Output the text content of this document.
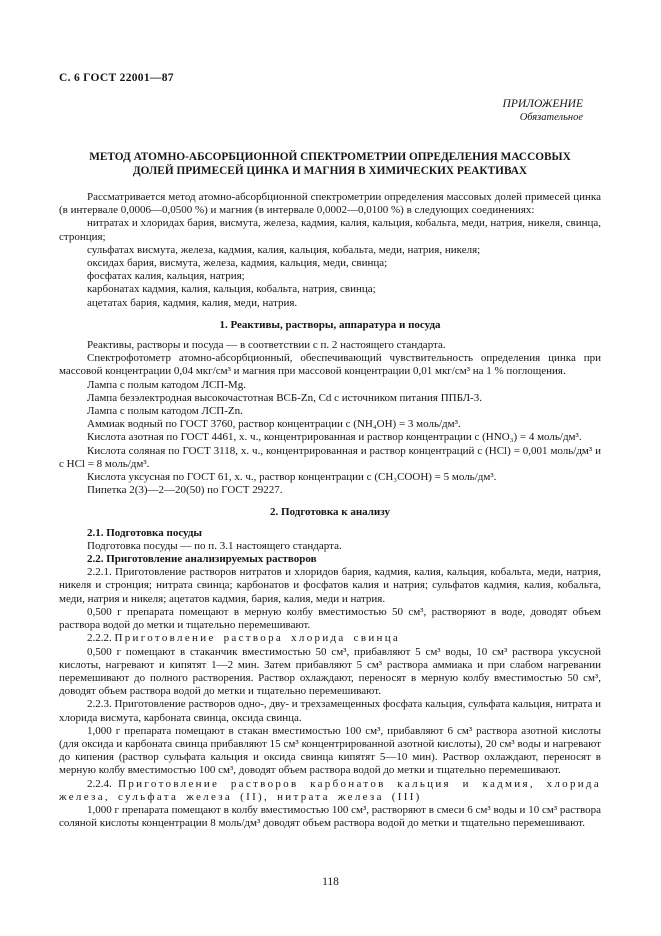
С. 6 ГОСТ 22001—87
ПРИЛОЖЕНИЕ
Обязательное
МЕТОД АТОМНО-АБСОРБЦИОННОЙ СПЕКТРОМЕТРИИ ОПРЕДЕЛЕНИЯ МАССОВЫХ ДОЛЕЙ ПРИМЕСЕЙ ЦИНКА И МАГНИЯ В ХИМИЧЕСКИХ РЕАКТИВАХ

Рассматривается метод атомно-абсорбционной спектрометрии определения массовых долей примесей цинка (в интервале 0,0006—0,0500 %) и магния (в интервале 0,0002—0,0100 %) в следующих соединениях:

нитратах и хлоридах бария, висмута, железа, кадмия, калия, кальция, кобальта, меди, натрия, никеля, свинца, стронция;

сульфатах висмута, железа, кадмия, калия, кальция, кобальта, меди, натрия, никеля;

оксидах бария, висмута, железа, кадмия, кальция, меди, свинца;

фосфатах калия, кальция, натрия;

карбонатах кадмия, калия, кальция, кобальта, натрия, свинца;

ацетатах бария, кадмия, калия, меди, натрия.

1. Реактивы, растворы, аппаратура и посуда

Реактивы, растворы и посуда — в соответствии с п. 2 настоящего стандарта.

Спектрофотометр атомно-абсорбционный, обеспечивающий чувствительность определения цинка при массовой концентрации 0,04 мкг/см³ и магния при массовой концентрации 0,01 мкг/см³ на 1 % поглощения.

Лампа с полым катодом ЛСП-Mg.

Лампа безэлектродная высокочастотная ВСБ-Zn, Cd с источником питания ППБЛ-3.

Лампа с полым катодом ЛСП-Zn.

Аммиак водный по ГОСТ 3760, раствор концентрации с (NH₄OH) = 3 моль/дм³.

Кислота азотная по ГОСТ 4461, х. ч., концентрированная и раствор концентрации с (HNO₃) = 4 моль/дм³.

Кислота соляная по ГОСТ 3118, х. ч., концентрированная и раствор концентраций с (HCl) = 0,001 моль/дм³ и с HCl = 8 моль/дм³.

Кислота уксусная по ГОСТ 61, х. ч., раствор концентрации с (CH₃COOH) = 5 моль/дм³.

Пипетка 2(3)—2—20(50) по ГОСТ 29227.

2. Подготовка к анализу

2.1. Подготовка посуды

Подготовка посуды — по п. 3.1 настоящего стандарта.

2.2. Приготовление анализируемых растворов

2.2.1. Приготовление растворов нитратов и хлоридов бария, кадмия, калия, кальция, кобальта, меди, натрия, никеля и стронция; нитрата свинца; карбонатов и фосфатов калия и натрия; сульфатов кадмия, калия, кобальта, меди, натрия и никеля; ацетатов кадмия, бария, калия, меди и натрия.

0,500 г препарата помещают в мерную колбу вместимостью 50 см³, растворяют в воде, доводят объем раствора водой до метки и тщательно перемешивают.

2.2.2. Приготовление раствора хлорида свинца

0,500 г помещают в стаканчик вместимостью 50 см³, прибавляют 5 см³ воды, 10 см³ раствора уксусной кислоты, нагревают и кипятят 1—2 мин. Затем прибавляют 5 см³ раствора аммиака и при слабом нагревании перемешивают до полного растворения. Раствор охлаждают, переносят в мерную колбу вместимостью 50 см³, доводят объем раствора водой до метки и тщательно перемешивают.

2.2.3. Приготовление растворов одно-, дву- и трехзамещенных фосфата кальция, сульфата кальция, нитрата и хлорида висмута, карбоната свинца, оксида свинца.

1,000 г препарата помещают в стакан вместимостью 100 см³, прибавляют 6 см³ раствора азотной кислоты (для оксида и карбоната свинца прибавляют 15 см³ концентрированной азотной кислоты), 20 см³ воды и нагревают до кипения (раствор сульфата кальция и оксида свинца кипятят 5—10 мин). Раствор охлаждают, переносят в мерную колбу вместимостью 100 см³, доводят объем раствора водой до метки и тщательно перемешивают.

2.2.4. Приготовление растворов карбонатов кальция и кадмия, хлорида железа, сульфата железа (II), нитрата железа (III)

1,000 г препарата помещают в колбу вместимостью 100 см³, растворяют в смеси 6 см³ воды и 10 см³ раствора соляной кислоты концентрации 8 моль/дм³ доводят объем раствора водой до метки и тщательно перемешивают.

118
